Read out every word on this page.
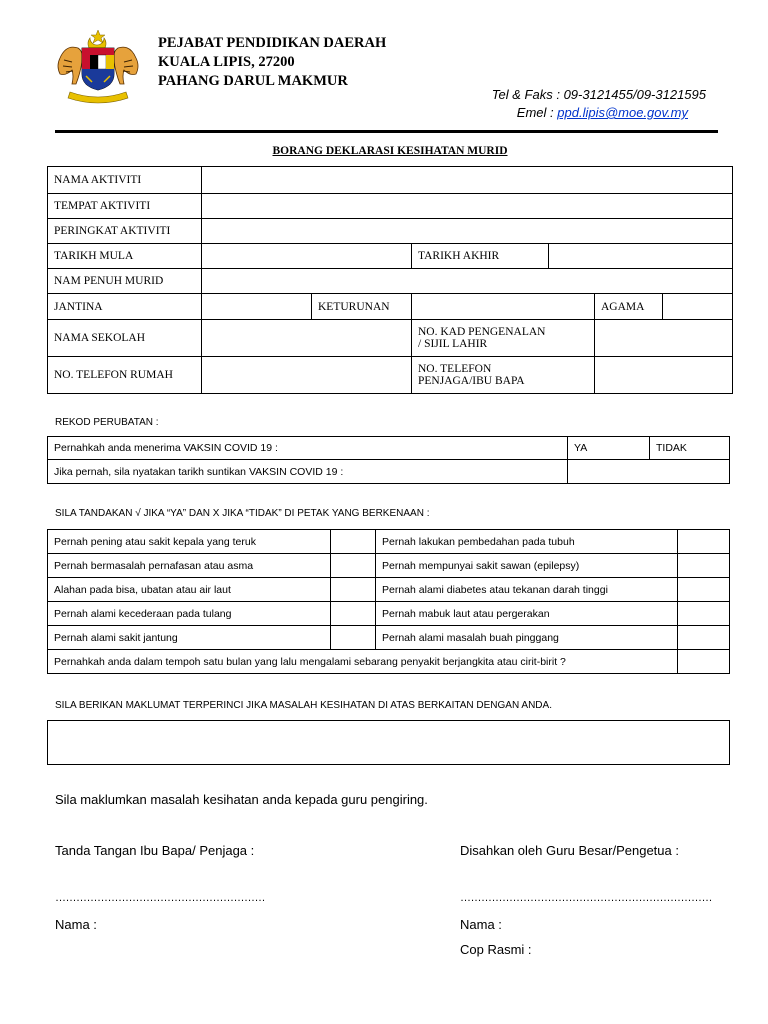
PEJABAT PENDIDIKAN DAERAH
KUALA LIPIS, 27200
PAHANG DARUL MAKMUR
Tel & Faks : 09-3121455/09-3121595
Emel : ppd.lipis@moe.gov.my
BORANG DEKLARASI KESIHATAN MURID
NAMA AKTIVITI						
TEMPAT AKTIVITI						
PERINGKAT AKTIVITI						
TARIKH MULA			TARIKH AKHIR			
NAM PENUH MURID						
JANTINA		KETURUNAN			AGAMA	
NAMA SEKOLAH			NO. KAD PENGENALAN
/ SIJIL LAHIR			

NO. TELEFON RUMAH			NO. TELEFON
PENJAGA/IBU BAPA			

REKOD PERUBATAN :
Pernahkah anda menerima VAKSIN COVID 19 :	YA	TIDAK
Jika pernah, sila nyatakan tarikh suntikan VAKSIN COVID 19 :		
SILA TANDAKAN √ JIKA “YA” DAN X JIKA “TIDAK” DI PETAK YANG BERKENAAN :
Pernah pening atau sakit kepala yang teruk		Pernah lakukan pembedahan pada tubuh	
Pernah bermasalah pernafasan atau asma		Pernah mempunyai sakit sawan (epilepsy)	
Alahan pada bisa, ubatan atau air laut		Pernah alami diabetes atau tekanan darah tinggi	
Pernah alami kecederaan pada tulang		Pernah mabuk laut atau pergerakan	
Pernah alami sakit jantung		Pernah alami masalah buah pinggang	
Pernahkah anda dalam tempoh satu bulan yang lalu mengalami sebarang penyakit berjangkita atau cirit-birit ?			
SILA BERIKAN MAKLUMAT TERPERINCI JIKA MASALAH KESIHATAN DI ATAS BERKAITAN DENGAN ANDA.
Sila maklumkan masalah kesihatan anda kepada guru pengiring.
Tanda Tangan Ibu Bapa/ Penjaga :	Disahkan oleh Guru Besar/Pengetua :
……………………………………………………	………………………………………………………………
Nama :	Nama :
Cop Rasmi :
